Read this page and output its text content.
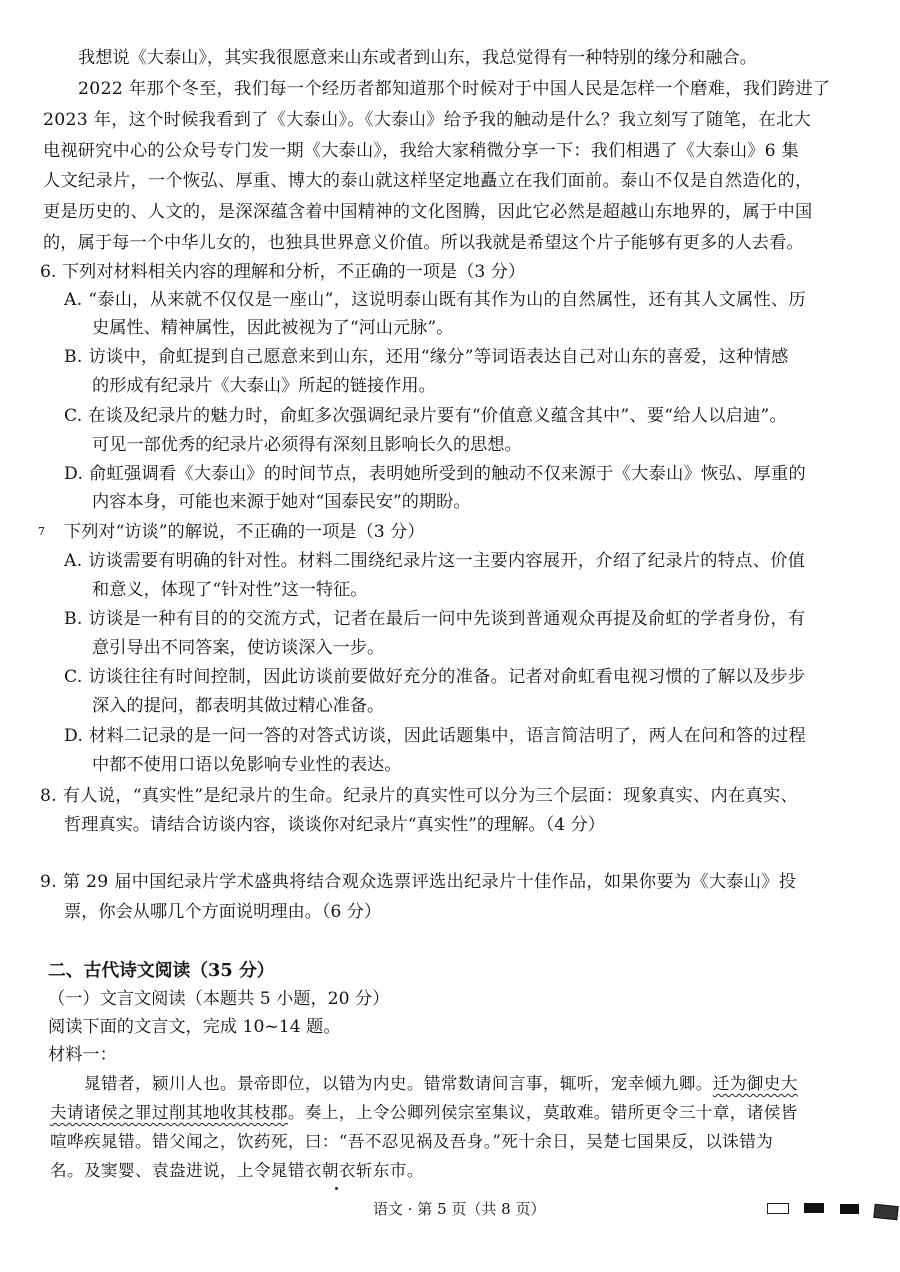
我想说《大泰山》，其实我很愿意来山东或者到山东，我总觉得有一种特别的缘分和融合。
2022 年那个冬至，我们每一个经历者都知道那个时候对于中国人民是怎样一个磨难，我们跨进了
2023 年，这个时候我看到了《大泰山》。《大泰山》给予我的触动是什么？我立刻写了随笔，在北大
电视研究中心的公众号专门发一期《大泰山》，我给大家稍微分享一下：我们相遇了《大泰山》6 集
人文纪录片，一个恢弘、厚重、博大的泰山就这样坚定地矗立在我们面前。泰山不仅是自然造化的，
更是历史的、人文的，是深深蕴含着中国精神的文化图腾，因此它必然是超越山东地界的，属于中国
的，属于每一个中华儿女的，也独具世界意义价值。所以我就是希望这个片子能够有更多的人去看。
6. 下列对材料相关内容的理解和分析，不正确的一项是（3 分）
A. “泰山，从来就不仅仅是一座山”，这说明泰山既有其作为山的自然属性，还有其人文属性、历
史属性、精神属性，因此被视为了“河山元脉”。
B. 访谈中，俞虹提到自己愿意来到山东，还用“缘分”等词语表达自己对山东的喜爱，这种情感
的形成有纪录片《大泰山》所起的链接作用。
C. 在谈及纪录片的魅力时，俞虹多次强调纪录片要有“价值意义蕴含其中”、要“给人以启迪”。
可见一部优秀的纪录片必须得有深刻且影响长久的思想。
D. 俞虹强调看《大泰山》的时间节点，表明她所受到的触动不仅来源于《大泰山》恢弘、厚重的
内容本身，可能也来源于她对“国泰民安”的期盼。
7 下列对“访谈”的解说，不正确的一项是（3 分）
A. 访谈需要有明确的针对性。材料二围绕纪录片这一主要内容展开，介绍了纪录片的特点、价值
和意义，体现了“针对性”这一特征。
B. 访谈是一种有目的的交流方式，记者在最后一问中先谈到普通观众再提及俞虹的学者身份，有
意引导出不同答案，使访谈深入一步。
C. 访谈往往有时间控制，因此访谈前要做好充分的准备。记者对俞虹看电视习惯的了解以及步步
深入的提问，都表明其做过精心准备。
D. 材料二记录的是一问一答的对答式访谈，因此话题集中，语言简洁明了，两人在问和答的过程
中都不使用口语以免影响专业性的表达。
8. 有人说，“真实性”是纪录片的生命。纪录片的真实性可以分为三个层面：现象真实、内在真实、
哲理真实。请结合访谈内容，谈谈你对纪录片“真实性”的理解。（4 分）
9. 第 29 届中国纪录片学术盛典将结合观众选票评选出纪录片十佳作品，如果你要为《大泰山》投
票，你会从哪几个方面说明理由。（6 分）
二、古代诗文阅读（35 分）
（一）文言文阅读（本题共 5 小题，20 分）
阅读下面的文言文，完成 10~14 题。
材料一：
晁错者，颍川人也。景帝即位，以错为内史。错常数请间言事，辄听，宠幸倾九卿。迁为御史大
夫请诸侯之罪过削其地收其枝郡。奏上，上令公卿列侯宗室集议，莫敢难。错所更令三十章，诸侯皆
喧哗疾晁错。错父闻之，饮药死，曰：“吾不忍见祸及吾身。”死十余日，吴楚七国果反，以诛错为
名。及窦婴、袁盎进说，上令晁错衣朝衣斩东市。
语文 · 第 5 页（共 8 页）
